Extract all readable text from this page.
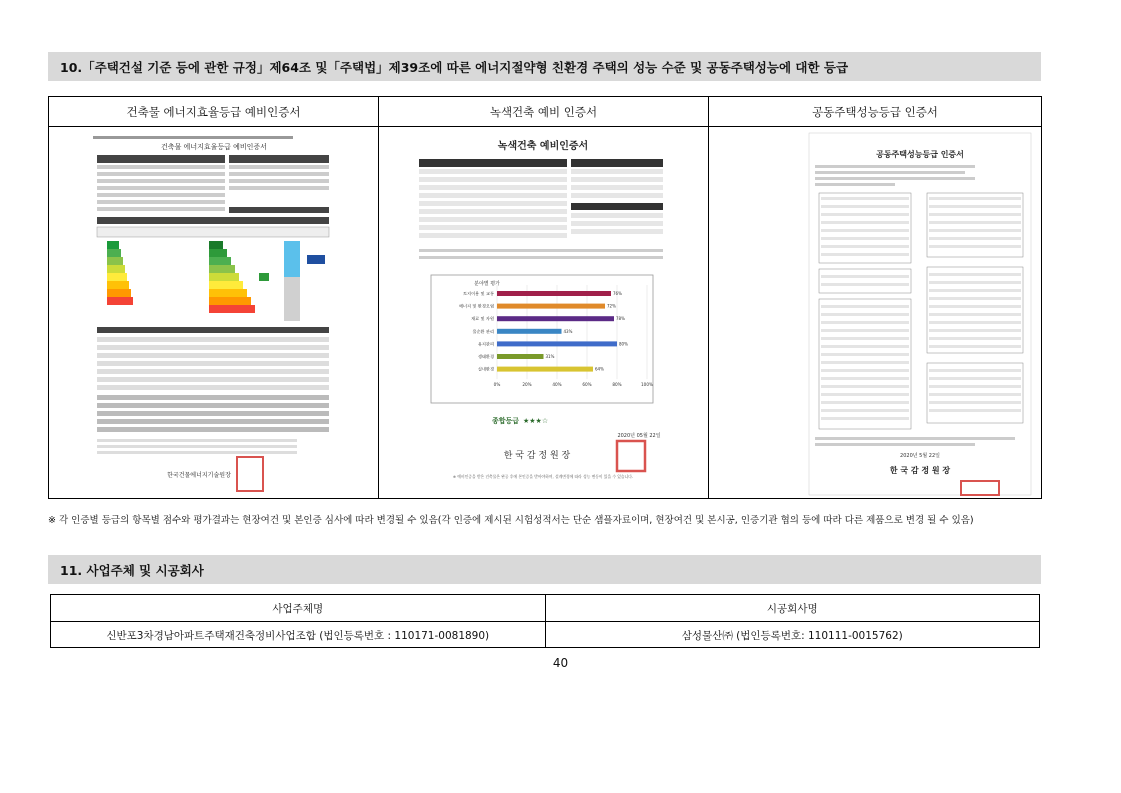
10.「주택건설 기준 등에 관한 규정」제64조 및「주택법」제39조에 따른 에너지절약형 친환경 주택의 성능 수준 및 공동주택성능에 대한 등급
건축물 에너지효율등급 예비인증서
건축물 에너지효율등급 예비인증서
한국건물에너지기술원장
녹색건축 예비 인증서
녹색건축 예비인증서
분야별 평가
0%	20%	40%	60%	80%	100%
토지이용 및 교통	76%
에너지 및 환경오염	72%
재료 및 자원	78%
물순환 관리	43%
유지관리	80%
생태환경	31%
실내환경	64%
종합등급 ★★★☆
2020년 05월 22일
한 국 감 정 원 장
※ 예비인증을 받은 건축물은 완공 후에 본인증을 받아야하며, 설계변경에 따라 성능 변동이 있을 수 있습니다.
공동주택성능등급 인증서
공동주택성능등급 인증서
2020년 5월 22일
한 국 감 정 원 장
※ 각 인증별 등급의 항목별 점수와 평가결과는 현장여건 및 본인증 심사에 따라 변경될 수 있음(각 인증에 제시된 시험성적서는 단순 샘플자료이며, 현장여건 및 본시공, 인증기관 협의 등에 따라 다른 제품으로 변경 될 수 있음)
11. 사업주체 및 시공회사
사업주체명	시공회사명
신반포3차경남아파트주택재건축정비사업조합 (법인등록번호 : 110171-0081890)	삼성물산㈜ (법인등록번호: 110111-0015762)
40
